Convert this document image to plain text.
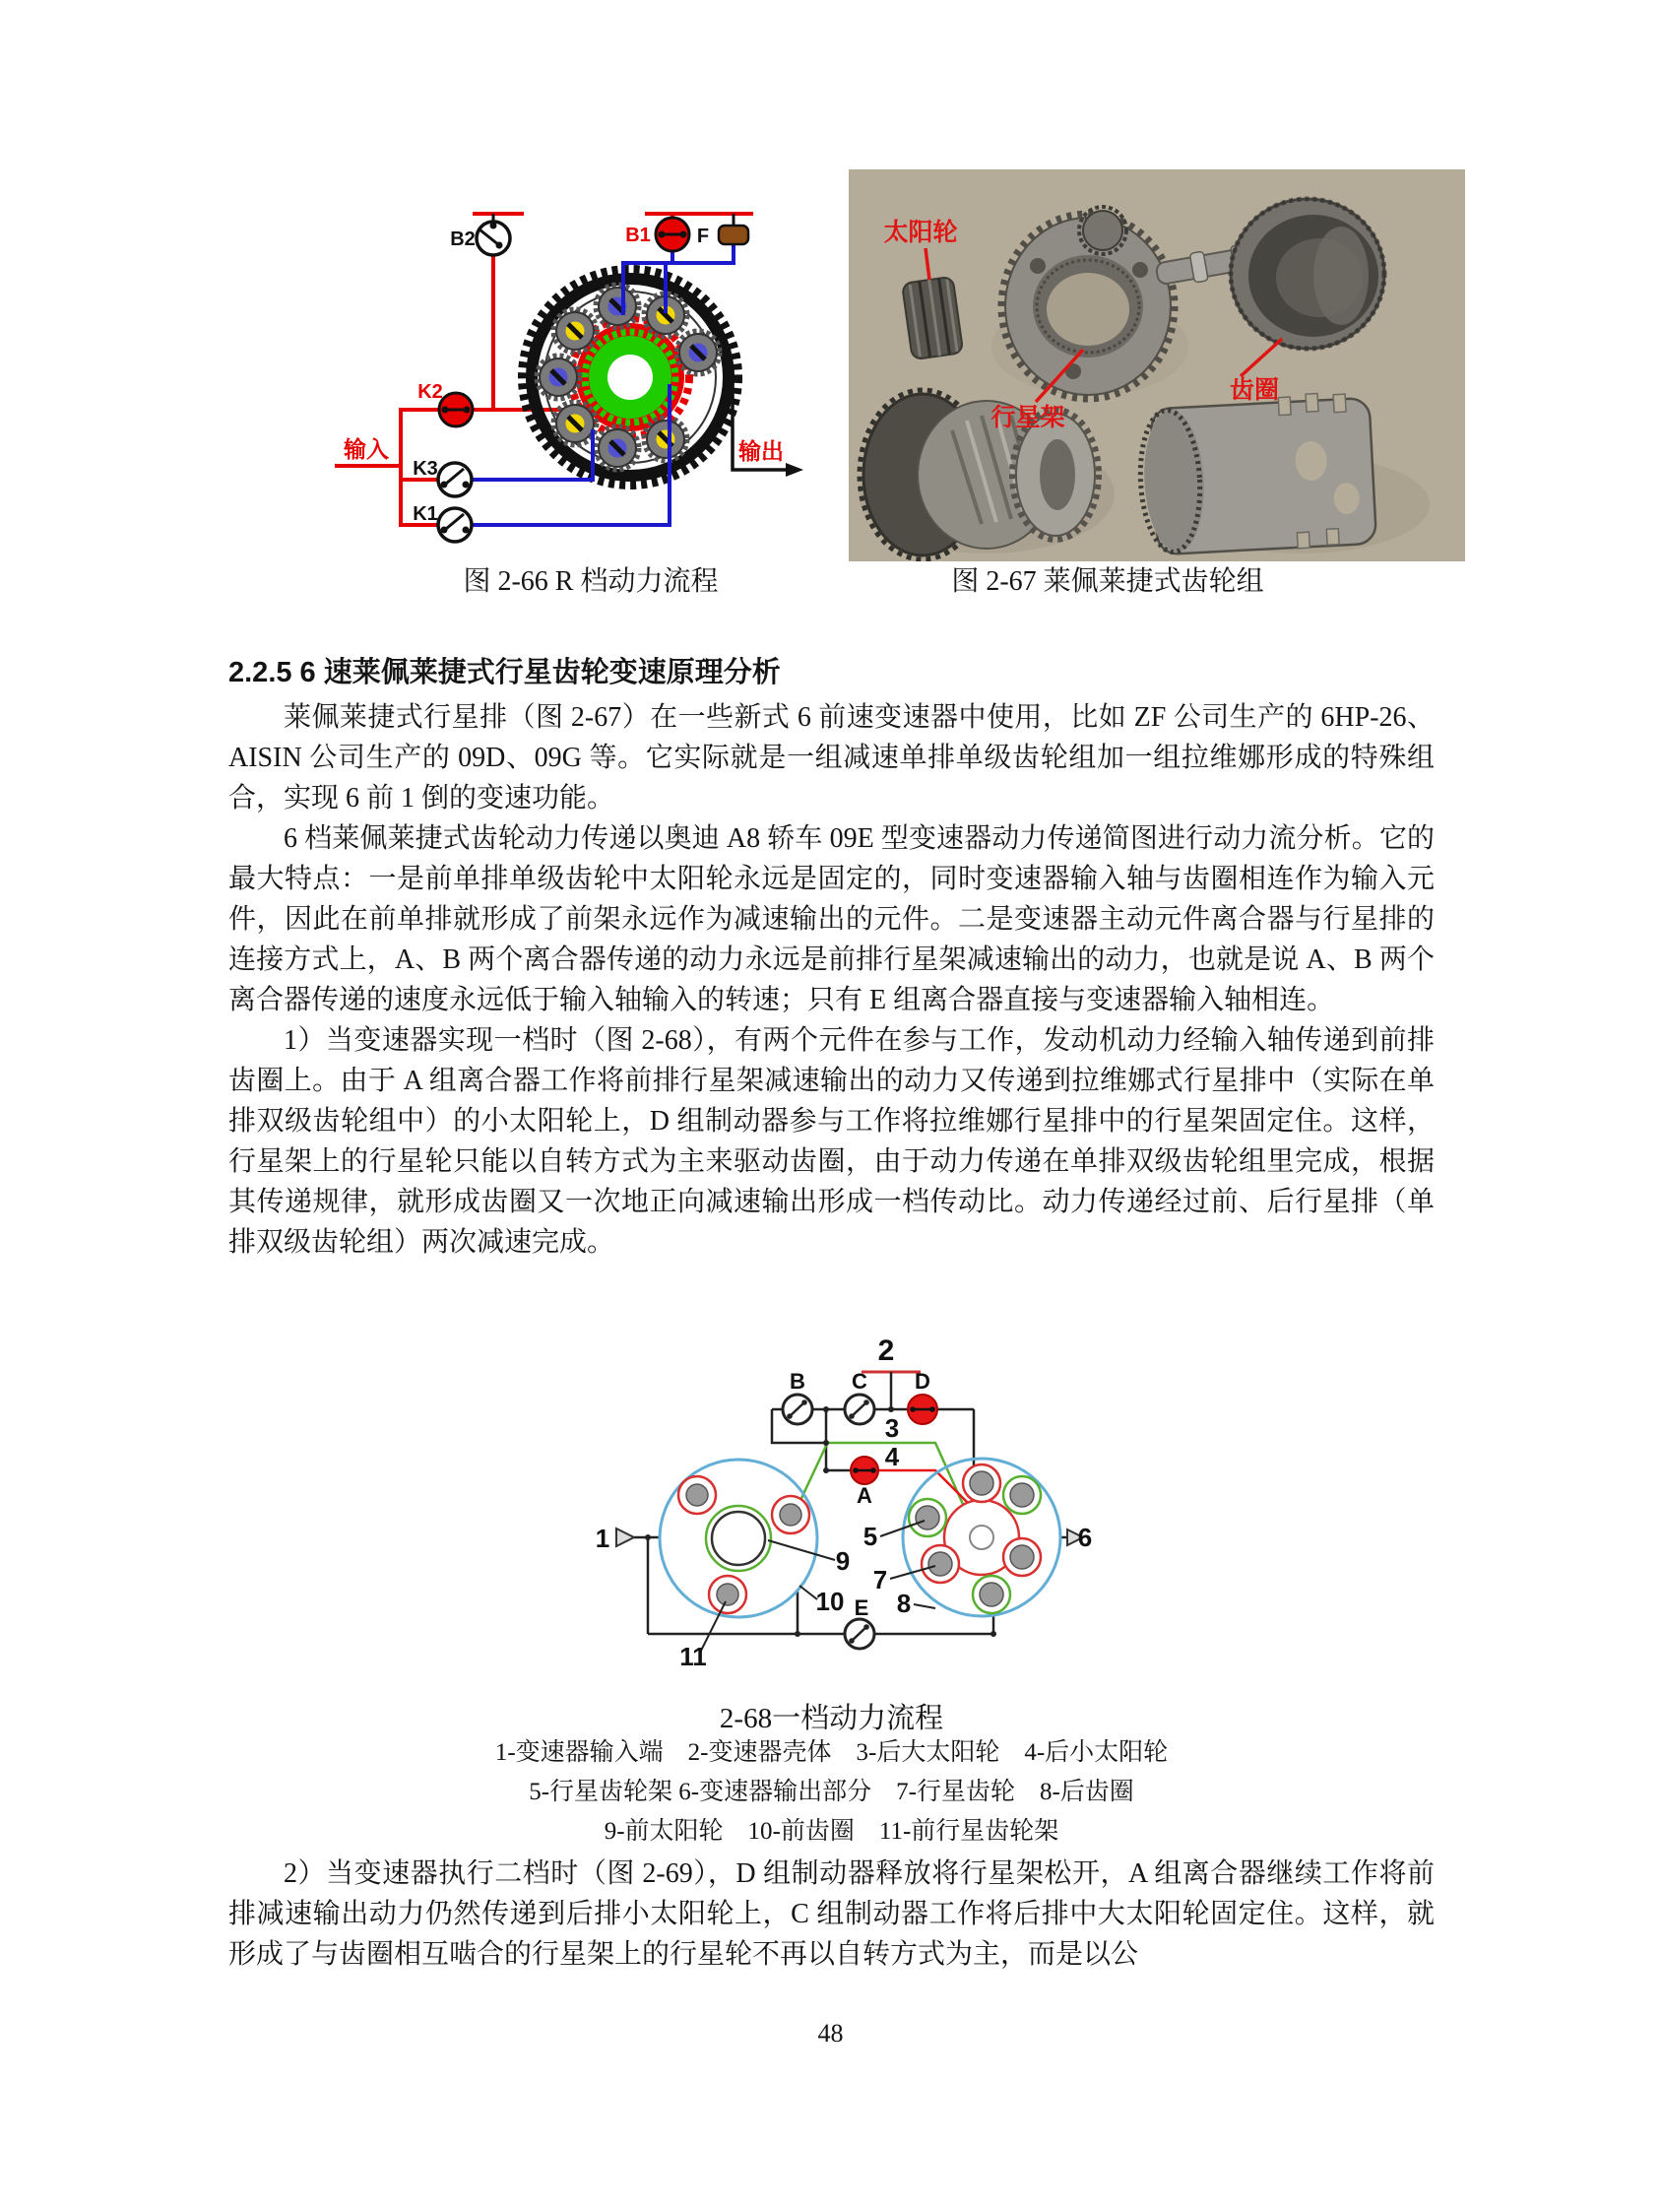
B2
K2
K3
K1
B1 F
输入	输出
太阳轮
行星架
齿圈
图 2-66 R 档动力流程	图 2-67 莱佩莱捷式齿轮组
2.2.5 6 速莱佩莱捷式行星齿轮变速原理分析

莱佩莱捷式行星排（图 2-67）在一些新式 6 前速变速器中使用，比如 ZF 公司生产的 6HP-26、AISIN 公司生产的 09D、09G 等。它实际就是一组减速单排单级齿轮组加一组拉维娜形成的特殊组合，实现 6 前 1 倒的变速功能。

6 档莱佩莱捷式齿轮动力传递以奥迪 A8 轿车 09E 型变速器动力传递简图进行动力流分析。它的最大特点：一是前单排单级齿轮中太阳轮永远是固定的，同时变速器输入轴与齿圈相连作为输入元件，因此在前单排就形成了前架永远作为减速输出的元件。二是变速器主动元件离合器与行星排的连接方式上，A、B 两个离合器传递的动力永远是前排行星架减速输出的动力，也就是说 A、B 两个离合器传递的速度永远低于输入轴输入的转速；只有 E 组离合器直接与变速器输入轴相连。

1）当变速器实现一档时（图 2-68），有两个元件在参与工作，发动机动力经输入轴传递到前排齿圈上。由于 A 组离合器工作将前排行星架减速输出的动力又传递到拉维娜式行星排中（实际在单排双级齿轮组中）的小太阳轮上，D 组制动器参与工作将拉维娜行星排中的行星架固定住。这样，行星架上的行星轮只能以自转方式为主来驱动齿圈，由于动力传递在单排双级齿轮组里完成，根据其传递规律，就形成齿圈又一次地正向减速输出形成一档传动比。动力传递经过前、后行星排（单排双级齿轮组）两次减速完成。

2
B C D
3
4
A
1	6
5
9
7
10 8
E
11
2-68一档动力流程
1-变速器输入端　2-变速器壳体　3-后大太阳轮　4-后小太阳轮
5-行星齿轮架 6-变速器输出部分　7-行星齿轮　8-后齿圈
9-前太阳轮　10-前齿圈　11-前行星齿轮架

2）当变速器执行二档时（图 2-69），D 组制动器释放将行星架松开，A 组离合器继续工作将前排减速输出动力仍然传递到后排小太阳轮上，C 组制动器工作将后排中大太阳轮固定住。这样，就形成了与齿圈相互啮合的行星架上的行星轮不再以自转方式为主，而是以公

48
